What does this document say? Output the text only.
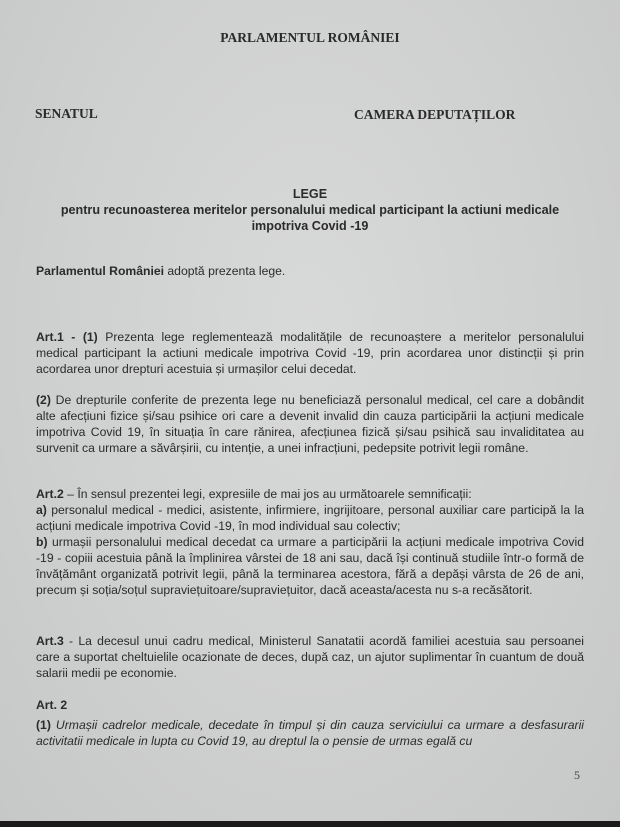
PARLAMENTUL ROMÂNIEI
SENATUL	CAMERA DEPUTAȚILOR
LEGE
pentru recunoasterea meritelor personalului medical participant la actiuni medicale
impotriva Covid -19
Parlamentul României adoptă prezenta lege.
Art.1 - (1) Prezenta lege reglementează modalitățile de recunoaștere a meritelor personalului medical participant la actiuni medicale impotriva Covid -19, prin acordarea unor distincții și prin acordarea unor drepturi acestuia și urmașilor celui decedat.
(2) De drepturile conferite de prezenta lege nu beneficiază personalul medical, cel care a dobândit alte afecțiuni fizice și/sau psihice ori care a devenit invalid din cauza participării la acțiuni medicale impotriva Covid 19, în situația în care rănirea, afecțiunea fizică și/sau psihică sau invaliditatea au survenit ca urmare a săvârșirii, cu intenție, a unei infracțiuni, pedepsite potrivit legii române.
Art.2 – În sensul prezentei legi, expresiile de mai jos au următoarele semnificații:
a) personalul medical - medici, asistente, infirmiere, ingrijitoare, personal auxiliar care participă la la acțiuni medicale impotriva Covid -19, în mod individual sau colectiv;
b) urmașii personalului medical decedat ca urmare a participării la acțiuni medicale impotriva Covid -19 - copiii acestuia până la împlinirea vârstei de 18 ani sau, dacă își continuă studiile într-o formă de învățământ organizată potrivit legii, până la terminarea acestora, fără a depăși vârsta de 26 de ani, precum și soția/soțul supraviețuitoare/supraviețuitor, dacă aceasta/acesta nu s-a recăsătorit.
Art.3 - La decesul unui cadru medical, Ministerul Sanatatii acordă familiei acestuia sau persoanei care a suportat cheltuielile ocazionate de deces, după caz, un ajutor suplimentar în cuantum de două salarii medii pe economie.
Art. 2
(1) Urmașii cadrelor medicale, decedate în timpul și din cauza serviciului ca urmare a desfasurarii activitatii medicale in lupta cu Covid 19, au dreptul la o pensie de urmas egală cu
5
